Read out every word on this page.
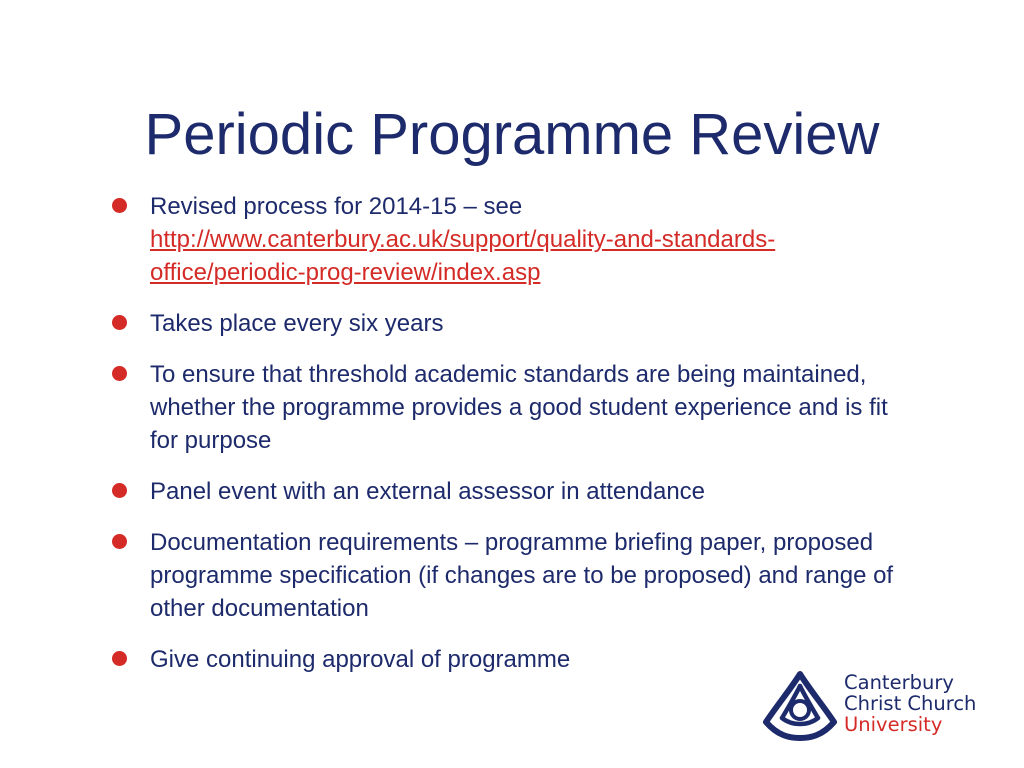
Periodic Programme Review
Revised process for 2014-15 – see
http://www.canterbury.ac.uk/support/quality-and-standards-office/periodic-prog-review/index.asp
Takes place every six years
To ensure that threshold academic standards are being maintained, whether the programme provides a good student experience and is fit for purpose
Panel event with an external assessor in attendance
Documentation requirements – programme briefing paper, proposed programme specification (if changes are to be proposed) and range of other documentation
Give continuing approval of programme
Canterbury
Christ Church
University
